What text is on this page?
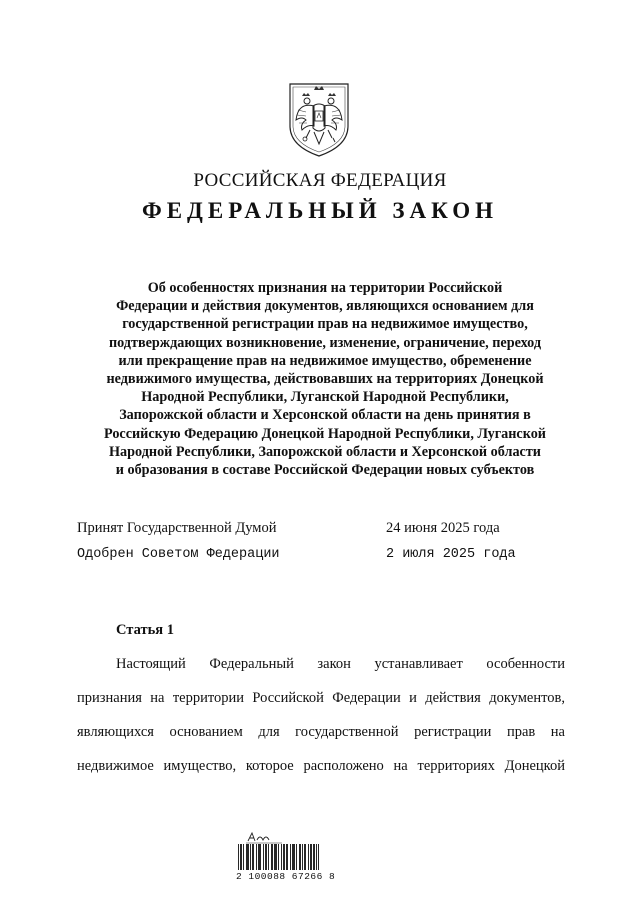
РОССИЙСКАЯ ФЕДЕРАЦИЯ
ФЕДЕРАЛЬНЫЙ ЗАКОН
Об особенностях признания на территории Российской
Федерации и действия документов, являющихся основанием для
государственной регистрации прав на недвижимое имущество,
подтверждающих возникновение, изменение, ограничение, переход
или прекращение прав на недвижимое имущество, обременение
недвижимого имущества, действовавших на территориях Донецкой
Народной Республики, Луганской Народной Республики,
Запорожской области и Херсонской области на день принятия в
Российскую Федерацию Донецкой Народной Республики, Луганской
Народной Республики, Запорожской области и Херсонской области
и образования в составе Российской Федерации новых субъектов
Принят Государственной Думой	24 июня 2025 года
Одобрен Советом Федерации	2 июля 2025 года
Статья 1
Настоящий Федеральный закон устанавливает особенности
признания на территории Российской Федерации и действия документов,
являющихся основанием для государственной регистрации прав на
недвижимое имущество, которое расположено на территориях Донецкой
2 100088 67266 8
